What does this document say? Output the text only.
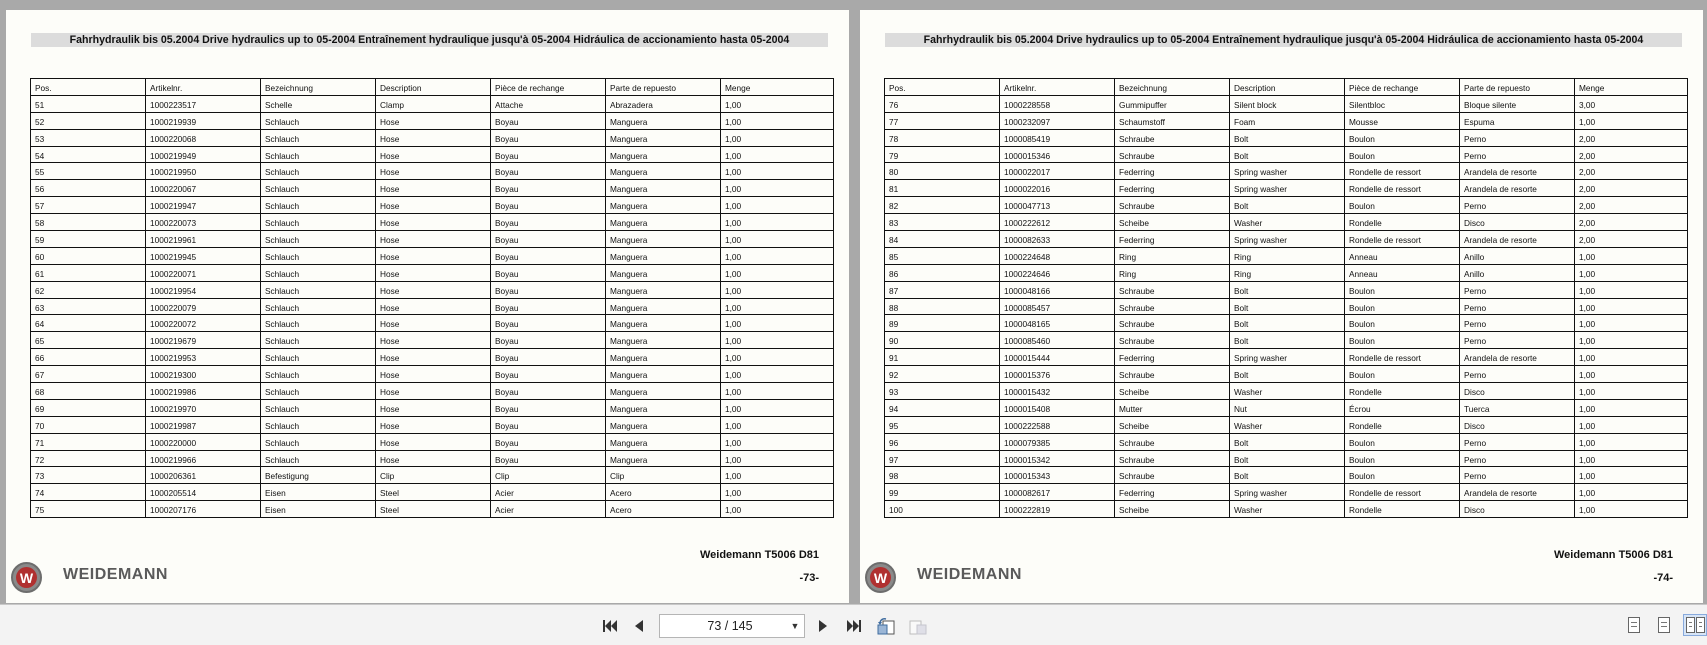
Fahrhydraulik bis 05.2004 Drive hydraulics up to 05-2004 Entraînement hydraulique jusqu'à 05-2004 Hidráulica de accionamiento hasta 05-2004
Pos.	Artikelnr.	Bezeichnung	Description	Pièce de rechange	Parte de repuesto	Menge
51	1000223517	Schelle	Clamp	Attache	Abrazadera	1,00
52	1000219939	Schlauch	Hose	Boyau	Manguera	1,00
53	1000220068	Schlauch	Hose	Boyau	Manguera	1,00
54	1000219949	Schlauch	Hose	Boyau	Manguera	1,00
55	1000219950	Schlauch	Hose	Boyau	Manguera	1,00
56	1000220067	Schlauch	Hose	Boyau	Manguera	1,00
57	1000219947	Schlauch	Hose	Boyau	Manguera	1,00
58	1000220073	Schlauch	Hose	Boyau	Manguera	1,00
59	1000219961	Schlauch	Hose	Boyau	Manguera	1,00
60	1000219945	Schlauch	Hose	Boyau	Manguera	1,00
61	1000220071	Schlauch	Hose	Boyau	Manguera	1,00
62	1000219954	Schlauch	Hose	Boyau	Manguera	1,00
63	1000220079	Schlauch	Hose	Boyau	Manguera	1,00
64	1000220072	Schlauch	Hose	Boyau	Manguera	1,00
65	1000219679	Schlauch	Hose	Boyau	Manguera	1,00
66	1000219953	Schlauch	Hose	Boyau	Manguera	1,00
67	1000219300	Schlauch	Hose	Boyau	Manguera	1,00
68	1000219986	Schlauch	Hose	Boyau	Manguera	1,00
69	1000219970	Schlauch	Hose	Boyau	Manguera	1,00
70	1000219987	Schlauch	Hose	Boyau	Manguera	1,00
71	1000220000	Schlauch	Hose	Boyau	Manguera	1,00
72	1000219966	Schlauch	Hose	Boyau	Manguera	1,00
73	1000206361	Befestigung	Clip	Clip	Clip	1,00
74	1000205514	Eisen	Steel	Acier	Acero	1,00
75	1000207176	Eisen	Steel	Acier	Acero	1,00
Weidemann T5006 D81
-73-
W WEIDEMANN
Fahrhydraulik bis 05.2004 Drive hydraulics up to 05-2004 Entraînement hydraulique jusqu'à 05-2004 Hidráulica de accionamiento hasta 05-2004
Pos.	Artikelnr.	Bezeichnung	Description	Pièce de rechange	Parte de repuesto	Menge
76	1000228558	Gummipuffer	Silent block	Silentbloc	Bloque silente	3,00
77	1000232097	Schaumstoff	Foam	Mousse	Espuma	1,00
78	1000085419	Schraube	Bolt	Boulon	Perno	2,00
79	1000015346	Schraube	Bolt	Boulon	Perno	2,00
80	1000022017	Federring	Spring washer	Rondelle de ressort	Arandela de resorte	2,00
81	1000022016	Federring	Spring washer	Rondelle de ressort	Arandela de resorte	2,00
82	1000047713	Schraube	Bolt	Boulon	Perno	2,00
83	1000222612	Scheibe	Washer	Rondelle	Disco	2,00
84	1000082633	Federring	Spring washer	Rondelle de ressort	Arandela de resorte	2,00
85	1000224648	Ring	Ring	Anneau	Anillo	1,00
86	1000224646	Ring	Ring	Anneau	Anillo	1,00
87	1000048166	Schraube	Bolt	Boulon	Perno	1,00
88	1000085457	Schraube	Bolt	Boulon	Perno	1,00
89	1000048165	Schraube	Bolt	Boulon	Perno	1,00
90	1000085460	Schraube	Bolt	Boulon	Perno	1,00
91	1000015444	Federring	Spring washer	Rondelle de ressort	Arandela de resorte	1,00
92	1000015376	Schraube	Bolt	Boulon	Perno	1,00
93	1000015432	Scheibe	Washer	Rondelle	Disco	1,00
94	1000015408	Mutter	Nut	Écrou	Tuerca	1,00
95	1000222588	Scheibe	Washer	Rondelle	Disco	1,00
96	1000079385	Schraube	Bolt	Boulon	Perno	1,00
97	1000015342	Schraube	Bolt	Boulon	Perno	1,00
98	1000015343	Schraube	Bolt	Boulon	Perno	1,00
99	1000082617	Federring	Spring washer	Rondelle de ressort	Arandela de resorte	1,00
100	1000222819	Scheibe	Washer	Rondelle	Disco	1,00
Weidemann T5006 D81
-74-
W WEIDEMANN
73 / 145	▼
